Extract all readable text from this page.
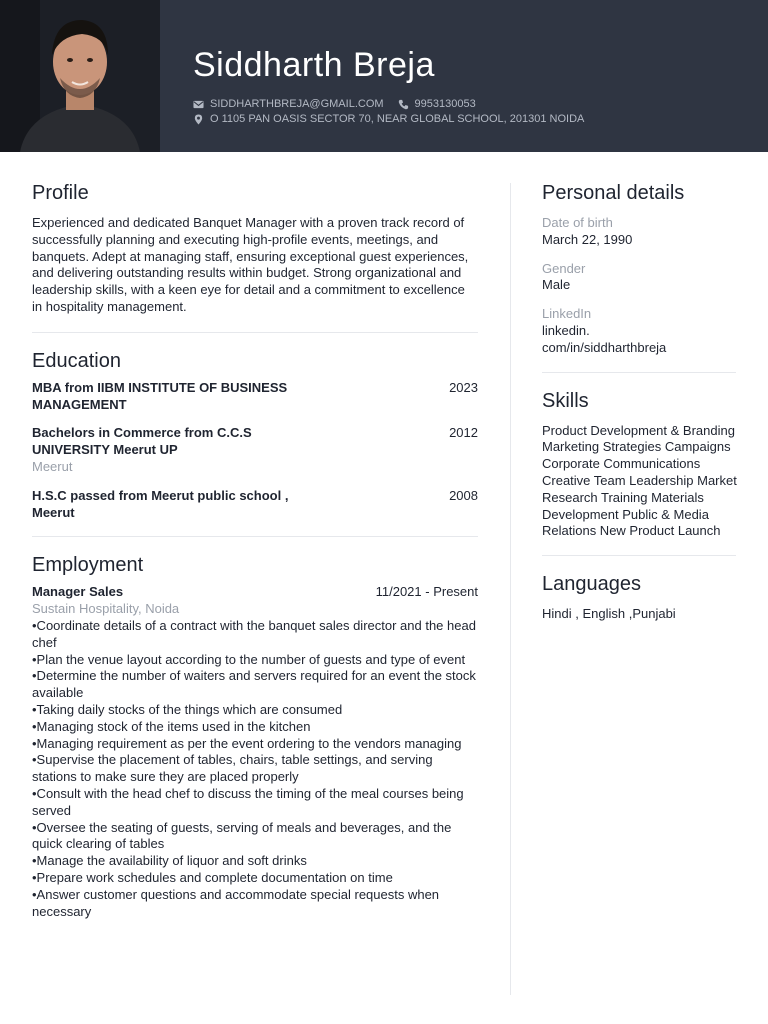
Siddharth Breja
SIDDHARTHBREJA@GMAIL.COM	9953130053
O 1105 PAN OASIS SECTOR 70, NEAR GLOBAL SCHOOL, 201301 NOIDA
Profile

Experienced and dedicated Banquet Manager with a proven track record of successfully planning and executing high-profile events, meetings, and banquets. Adept at managing staff, ensuring exceptional guest experiences, and delivering outstanding results within budget. Strong organizational and leadership skills, with a keen eye for detail and a commitment to excellence in hospitality management.

Education
MBA from IIBM INSTITUTE OF BUSINESS MANAGEMENT
2023
Bachelors in Commerce from C.C.S UNIVERSITY Meerut UP
2012
Meerut
H.S.C passed from Meerut public school , Meerut
2008
Employment
Manager Sales	11/2021 - Present
Sustain Hospitality, Noida
•Coordinate details of a contract with the banquet sales director and the head chef
•Plan the venue layout according to the number of guests and type of event
•Determine the number of waiters and servers required for an event the stock available
•Taking daily stocks of the things which are consumed
•Managing stock of the items used in the kitchen
•Managing requirement as per the event ordering to the vendors managing
•Supervise the placement of tables, chairs, table settings, and serving stations to make sure they are placed properly
•Consult with the head chef to discuss the timing of the meal courses being served
•Oversee the seating of guests, serving of meals and beverages, and the quick clearing of tables
•Manage the availability of liquor and soft drinks
•Prepare work schedules and complete documentation on time
•Answer customer questions and accommodate special requests when necessary
Personal details
Date of birth
March 22, 1990
Gender
Male
LinkedIn
linkedin.
com/in/siddharthbreja
Skills

Product Development & Branding Marketing Strategies Campaigns Corporate Communications Creative Team Leadership Market Research Training Materials Development Public & Media Relations New Product Launch

Languages

Hindi , English ,Punjabi
